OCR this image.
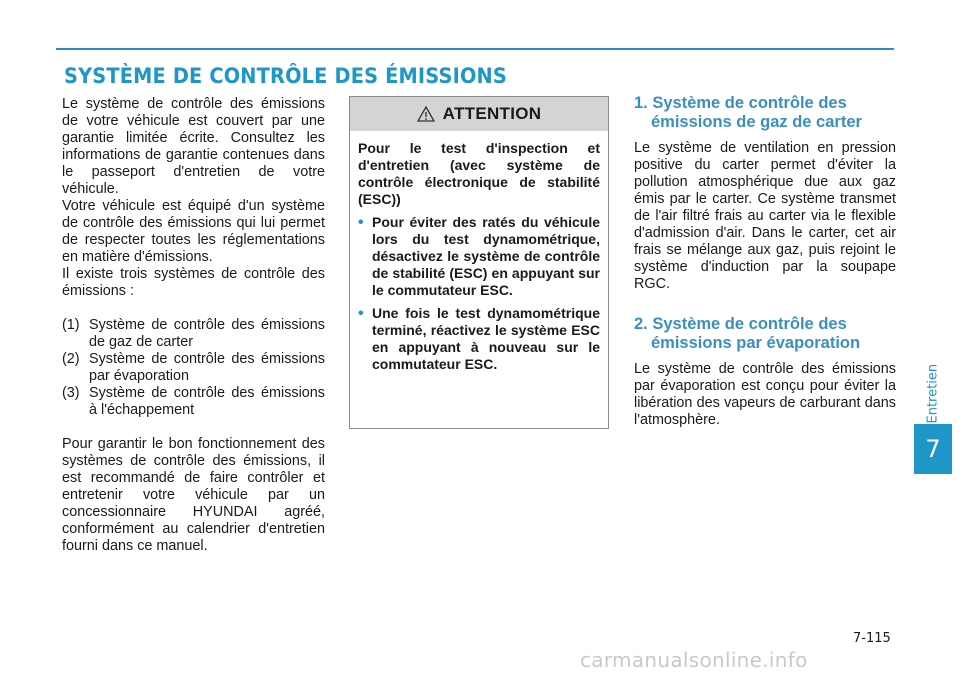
SYSTÈME DE CONTRÔLE DES ÉMISSIONS
Entretien
7

Le système de contrôle des émissions de votre véhicule est couvert par une garantie limitée écrite. Consultez les informations de garantie contenues dans le passeport d'entretien de votre véhicule.

Votre véhicule est équipé d'un système de contrôle des émissions qui lui permet de respecter toutes les réglementations en matière d'émissions.

Il existe trois systèmes de contrôle des émissions :

(1) Système de contrôle des émissions de gaz de carter
(2) Système de contrôle des émissions par évaporation
(3) Système de contrôle des émissions à l'échappement

Pour garantir le bon fonctionnement des systèmes de contrôle des émissions, il est recommandé de faire contrôler et entretenir votre véhicule par un concessionnaire HYUNDAI agréé, conformément au calendrier d'entretien fourni dans ce manuel.

ATTENTION

Pour le test d'inspection et d'entretien (avec système de contrôle électronique de stabilité (ESC))

• Pour éviter des ratés du véhicule lors du test dynamométrique, désactivez le système de contrôle de stabilité (ESC) en appuyant sur le commutateur ESC.
• Une fois le test dynamométrique terminé, réactivez le système ESC en appuyant à nouveau sur le commutateur ESC.
1. Système de contrôle des
émissions de gaz de carter

Le système de ventilation en pression positive du carter permet d'éviter la pollution atmosphérique due aux gaz émis par le carter. Ce système transmet de l'air filtré frais au carter via le flexible d'admission d'air. Dans le carter, cet air frais se mélange aux gaz, puis rejoint le système d'induction par la soupape RGC.

2. Système de contrôle des
émissions par évaporation

Le système de contrôle des émissions par évaporation est conçu pour éviter la libération des vapeurs de carburant dans l'atmosphère.

7-115
carmanualsonline.info
